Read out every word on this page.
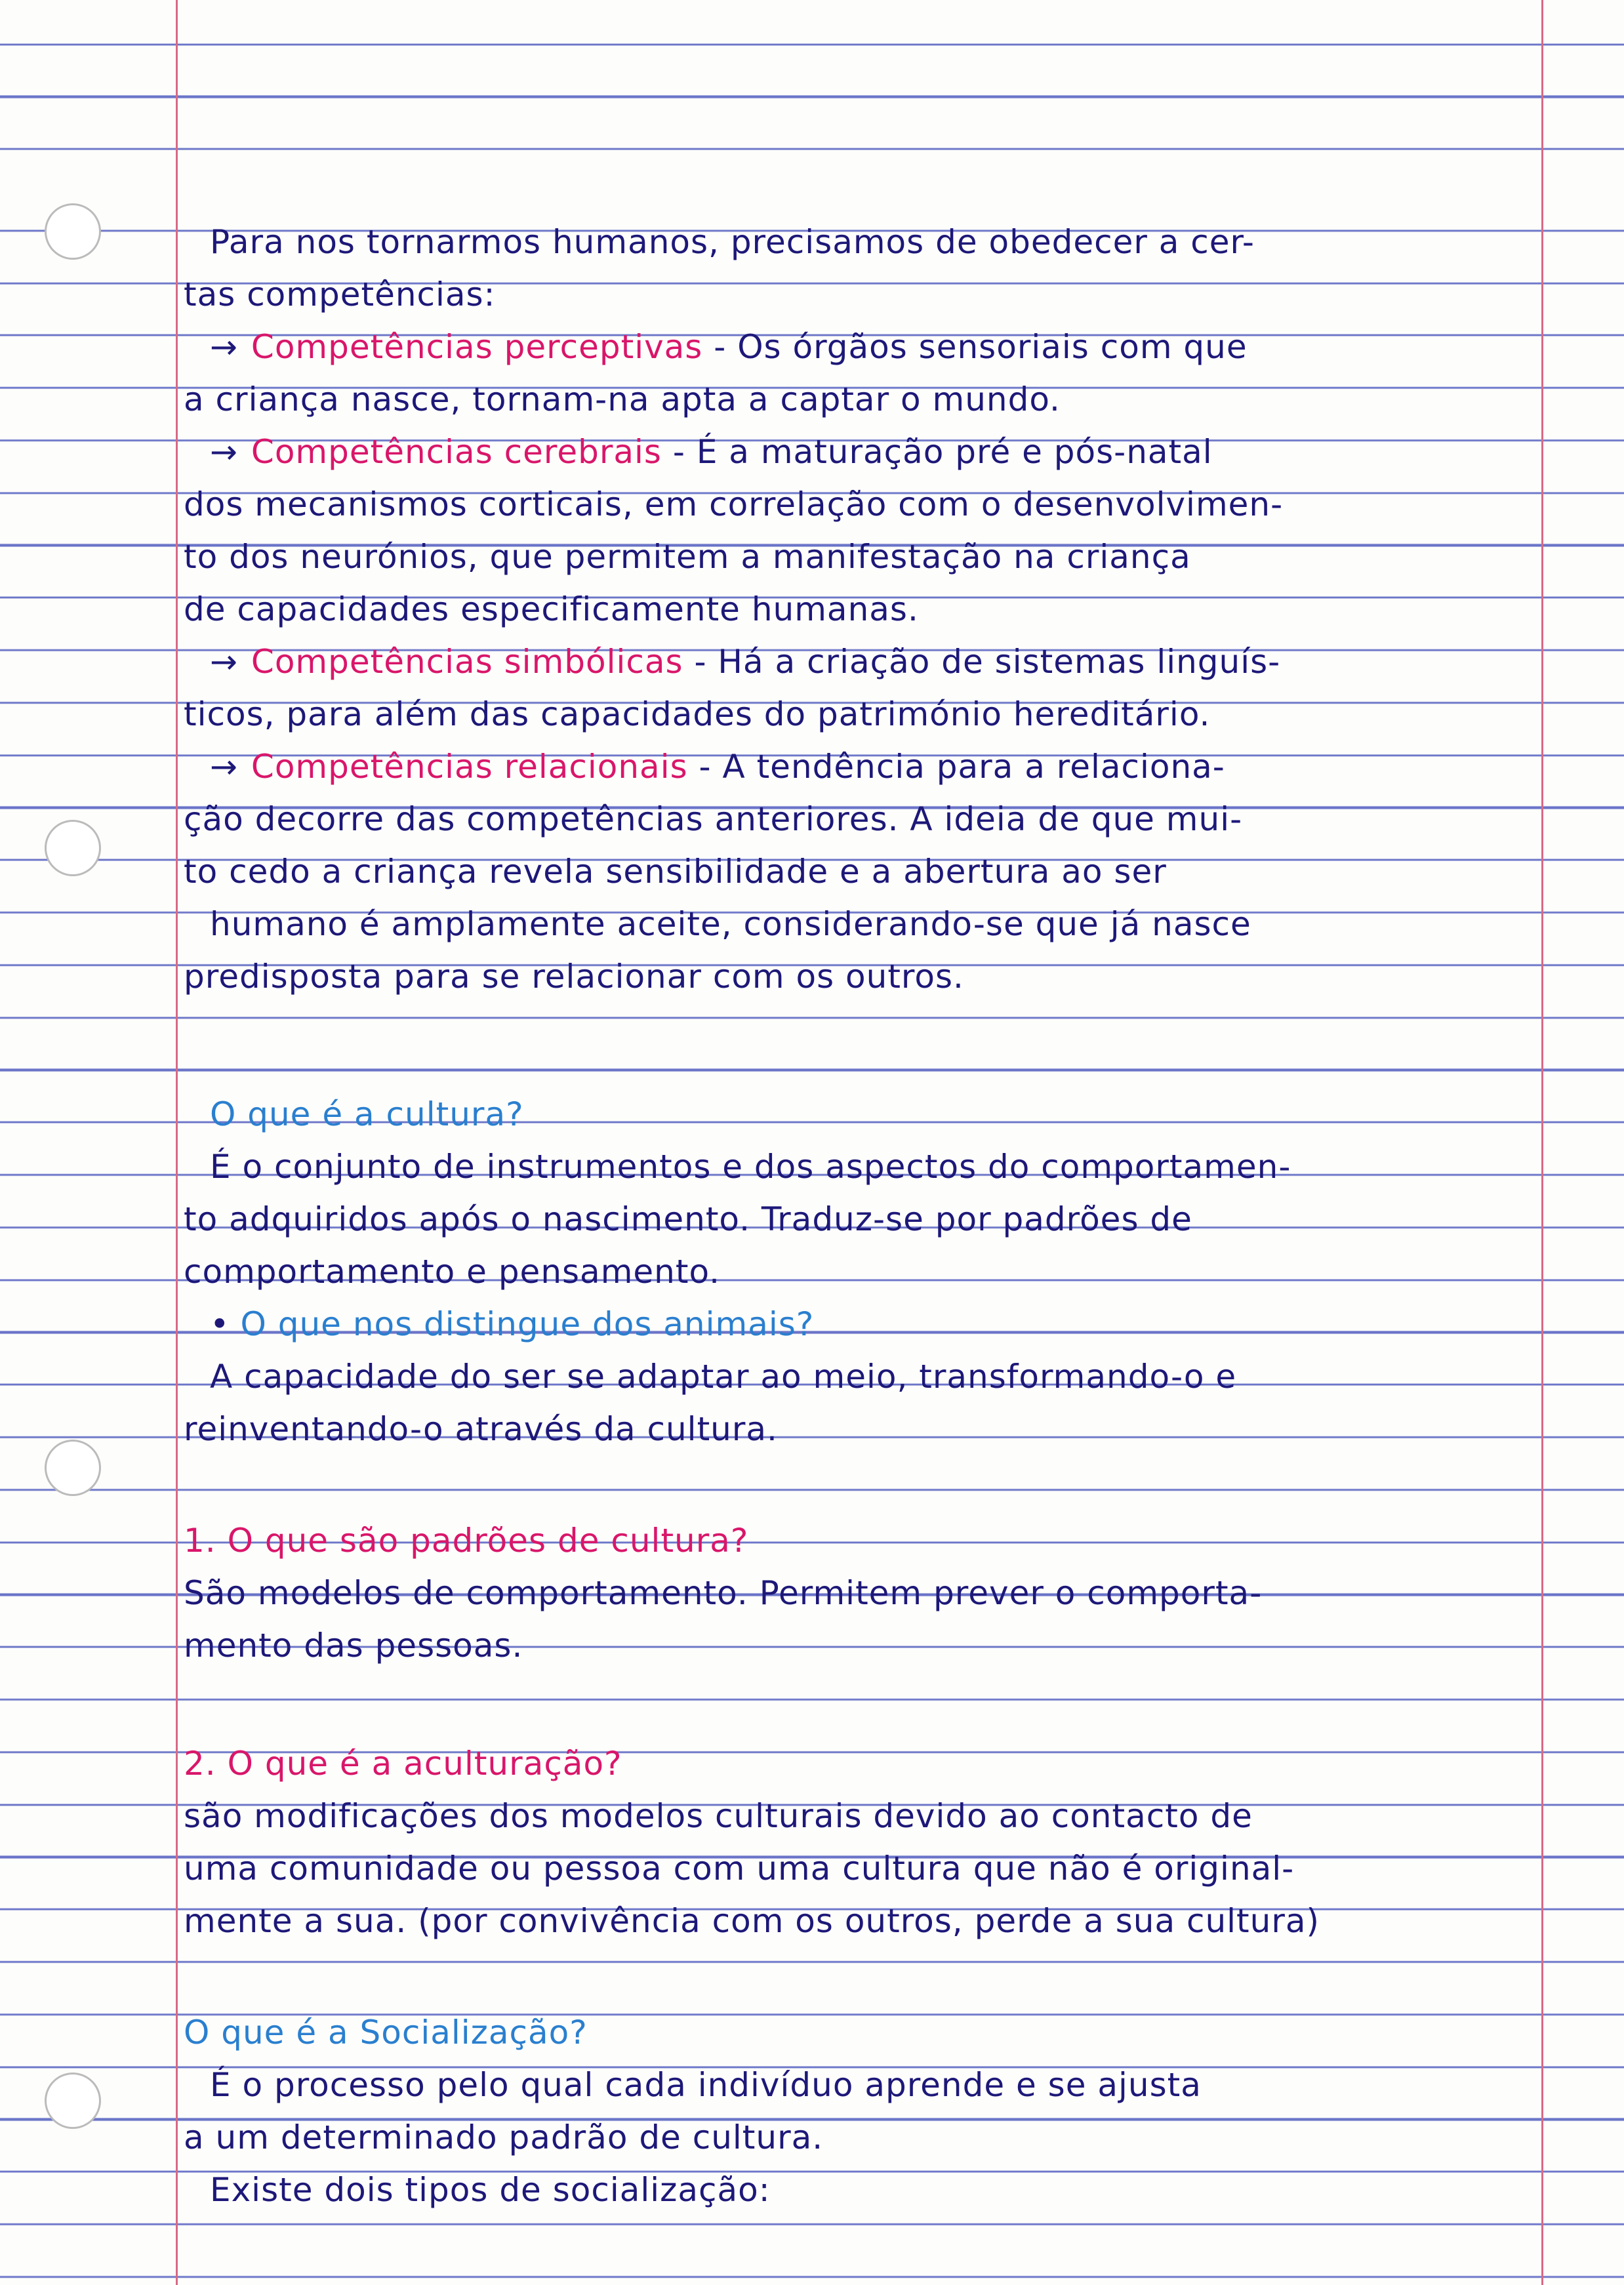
Para nos tornarmos humanos, precisamos de obedecer a cer-
tas competências:
→ Competências perceptivas - Os órgãos sensoriais com que
a criança nasce, tornam-na apta a captar o mundo.
→ Competências cerebrais - É a maturação pré e pós-natal
dos mecanismos corticais, em correlação com o desenvolvimen-
to dos neurónios, que permitem a manifestação na criança
de capacidades especificamente humanas.
→ Competências simbólicas - Há a criação de sistemas linguís-
ticos, para além das capacidades do património hereditário.
→ Competências relacionais - A tendência para a relaciona-
ção decorre das competências anteriores. A ideia de que mui-
to cedo a criança revela sensibilidade e a abertura ao ser
humano é amplamente aceite, considerando-se que já nasce
predisposta para se relacionar com os outros.
O que é a cultura?
É o conjunto de instrumentos e dos aspectos do comportamen-
to adquiridos após o nascimento. Traduz-se por padrões de
comportamento e pensamento.
• O que nos distingue dos animais?
A capacidade do ser se adaptar ao meio, transformando-o e
reinventando-o através da cultura.
1. O que são padrões de cultura?
São modelos de comportamento. Permitem prever o comporta-
mento das pessoas.
2. O que é a aculturação?
são modificações dos modelos culturais devido ao contacto de
uma comunidade ou pessoa com uma cultura que não é original-
mente a sua. (por convivência com os outros, perde a sua cultura)
O que é a Socialização?
É o processo pelo qual cada indivíduo aprende e se ajusta
a um determinado padrão de cultura.
Existe dois tipos de socialização:
